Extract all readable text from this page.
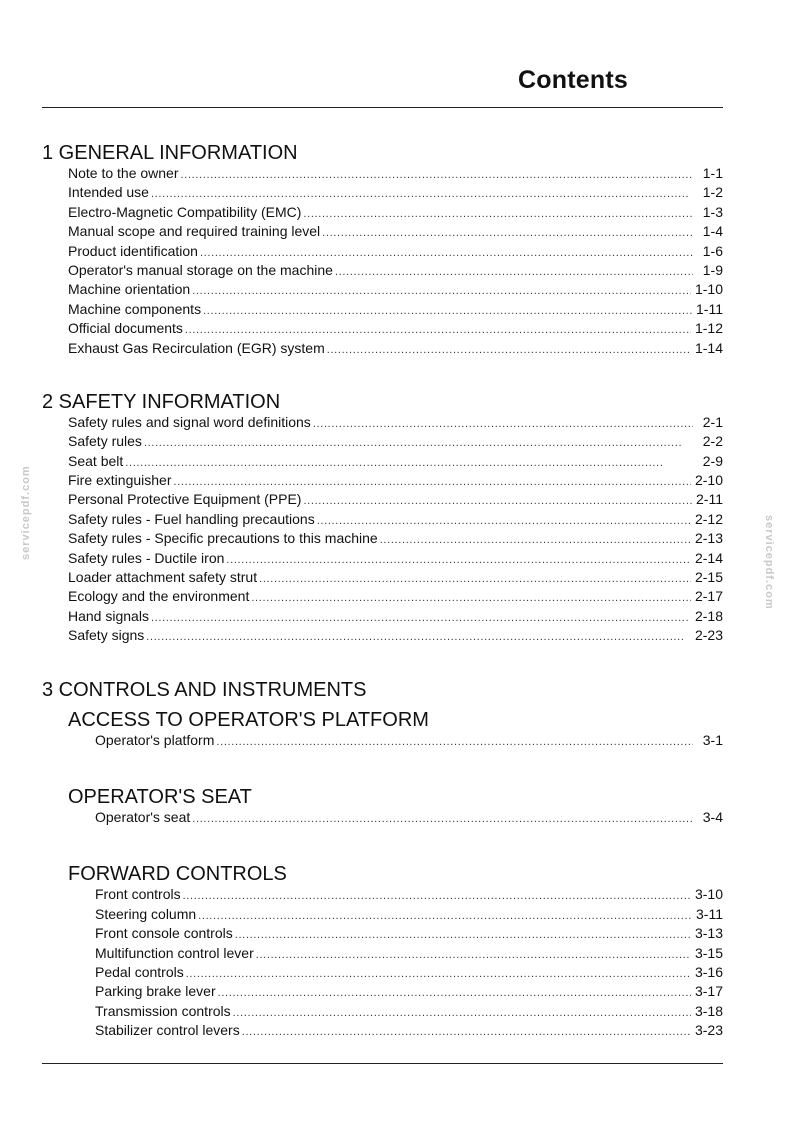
Contents
servicepdf.com
servicepdf.com
1 GENERAL INFORMATION
Note to the owner . . .	1-1
Intended use . . .	1-2
Electro-Magnetic Compatibility (EMC) . . .	1-3
Manual scope and required training level . . .	1-4
Product identification . . .	1-6
Operator's manual storage on the machine . . .	1-9
Machine orientation . . .	1-10
Machine components . . .	1-11
Official documents . . .	1-12
Exhaust Gas Recirculation (EGR) system . . .	1-14
2 SAFETY INFORMATION
Safety rules and signal word definitions . . .	2-1
Safety rules . . .	2-2
Seat belt . . .	2-9
Fire extinguisher . . .	2-10
Personal Protective Equipment (PPE) . . .	2-11
Safety rules - Fuel handling precautions . . .	2-12
Safety rules - Specific precautions to this machine . . .	2-13
Safety rules - Ductile iron . . .	2-14
Loader attachment safety strut . . .	2-15
Ecology and the environment . . .	2-17
Hand signals . . .	2-18
Safety signs . . .	2-23
3 CONTROLS AND INSTRUMENTS
ACCESS TO OPERATOR'S PLATFORM
Operator's platform . . .	3-1
OPERATOR'S SEAT
Operator's seat . . .	3-4
FORWARD CONTROLS
Front controls . . .	3-10
Steering column . . .	3-11
Front console controls . . .	3-13
Multifunction control lever . . .	3-15
Pedal controls . . .	3-16
Parking brake lever . . .	3-17
Transmission controls . . .	3-18
Stabilizer control levers . . .	3-23
